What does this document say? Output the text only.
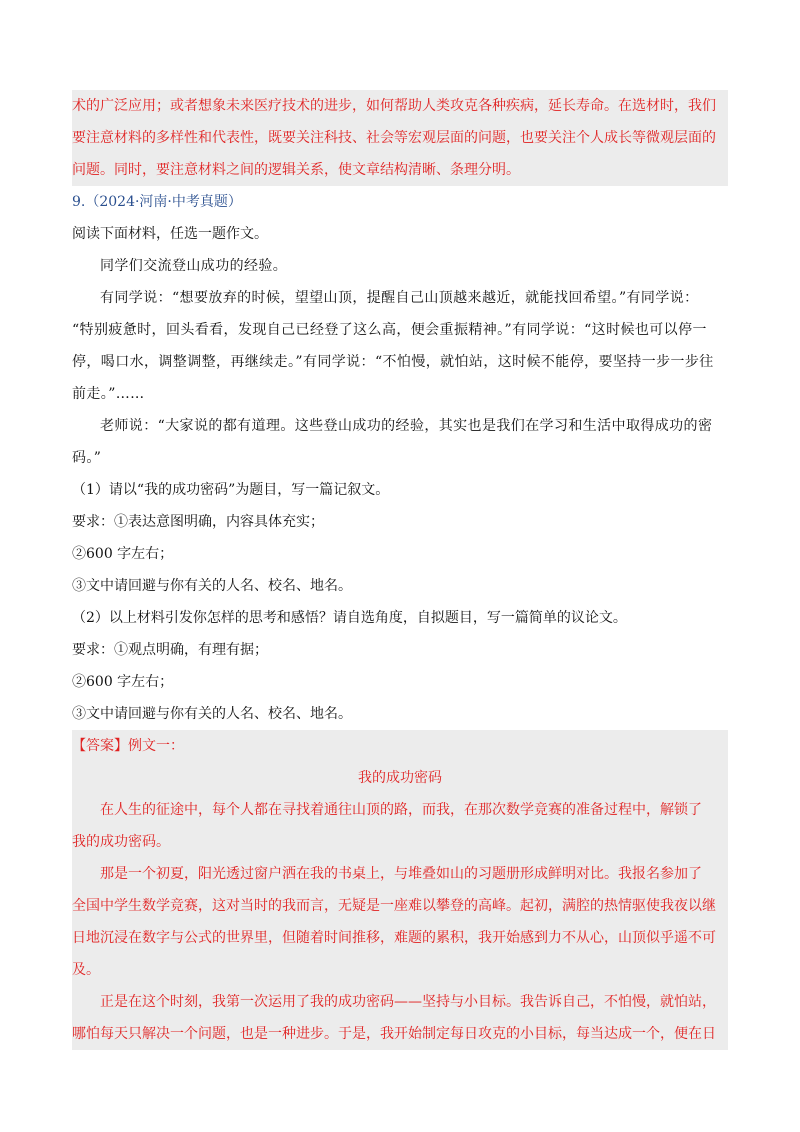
术的广泛应用；或者想象未来医疗技术的进步，如何帮助人类攻克各种疾病，延长寿命。在选材时，我们
要注意材料的多样性和代表性，既要关注科技、社会等宏观层面的问题，也要关注个人成长等微观层面的
问题。同时，要注意材料之间的逻辑关系，使文章结构清晰、条理分明。
9.（2024·河南·中考真题）
阅读下面材料，任选一题
作文。
同学们交流登山成功的经验。
有同学说：“想要放弃的时候，望望山顶，提醒自己山顶越来越近，就能找回希望。”有同学说：
“特别疲惫时，回头看看，发现自己已经登了这么高，便会重振精神。”有同学说：“这时候也可以停一
停，喝口水，调整调整，再继续走。”有同学说：“不怕慢，就怕站，这时候不能停，要坚持一步一步往
前走。”……
老师说：“大家说的都有道理。这些登山成功的经验，其实也是我们在学习和生活中取得成功的密
码。”
（1）请以“我的成功密码”为题目，写一篇记叙文。
要求：①表达意图明确，内容具体充实；
②600 字左右；
③文中请回避与你有关的人名、校名、地名。
（2）以上材料引发你怎样的思考和感悟？请自选角度，自拟题目，写一篇简单的议论文。
要求：①观点明确，有理有据；
②600 字左右；
③文中请回避与你有关的人名、校名、地名。
【答案】例文一：
我的成功密码
在人生的征途中，每个人都在寻找着通往山顶的路，而我，在那次数学竞赛的准备过程中，解锁了
我的成功密码。
那是一个初夏，阳光透过窗户洒在我的书桌上，与堆叠如山的习题册形成鲜明对比。我报名参加了
全国中学生数学竞赛，这对当时的我而言，无疑是一座难以攀登的高峰。起初，满腔的热情驱使我夜以继
日地沉浸在数字与公式的世界里，但随着时间推移，难题的累积，我开始感到力不从心，山顶似乎遥不可
及。
正是在这个时刻，我第一次运用了我的成功密码——坚持与小目标。我告诉自己，不怕慢，就怕站，
哪怕每天只解决一个问题，也是一种进步。于是，我开始制定每日攻克的小目标，每当达成一个，便在日
